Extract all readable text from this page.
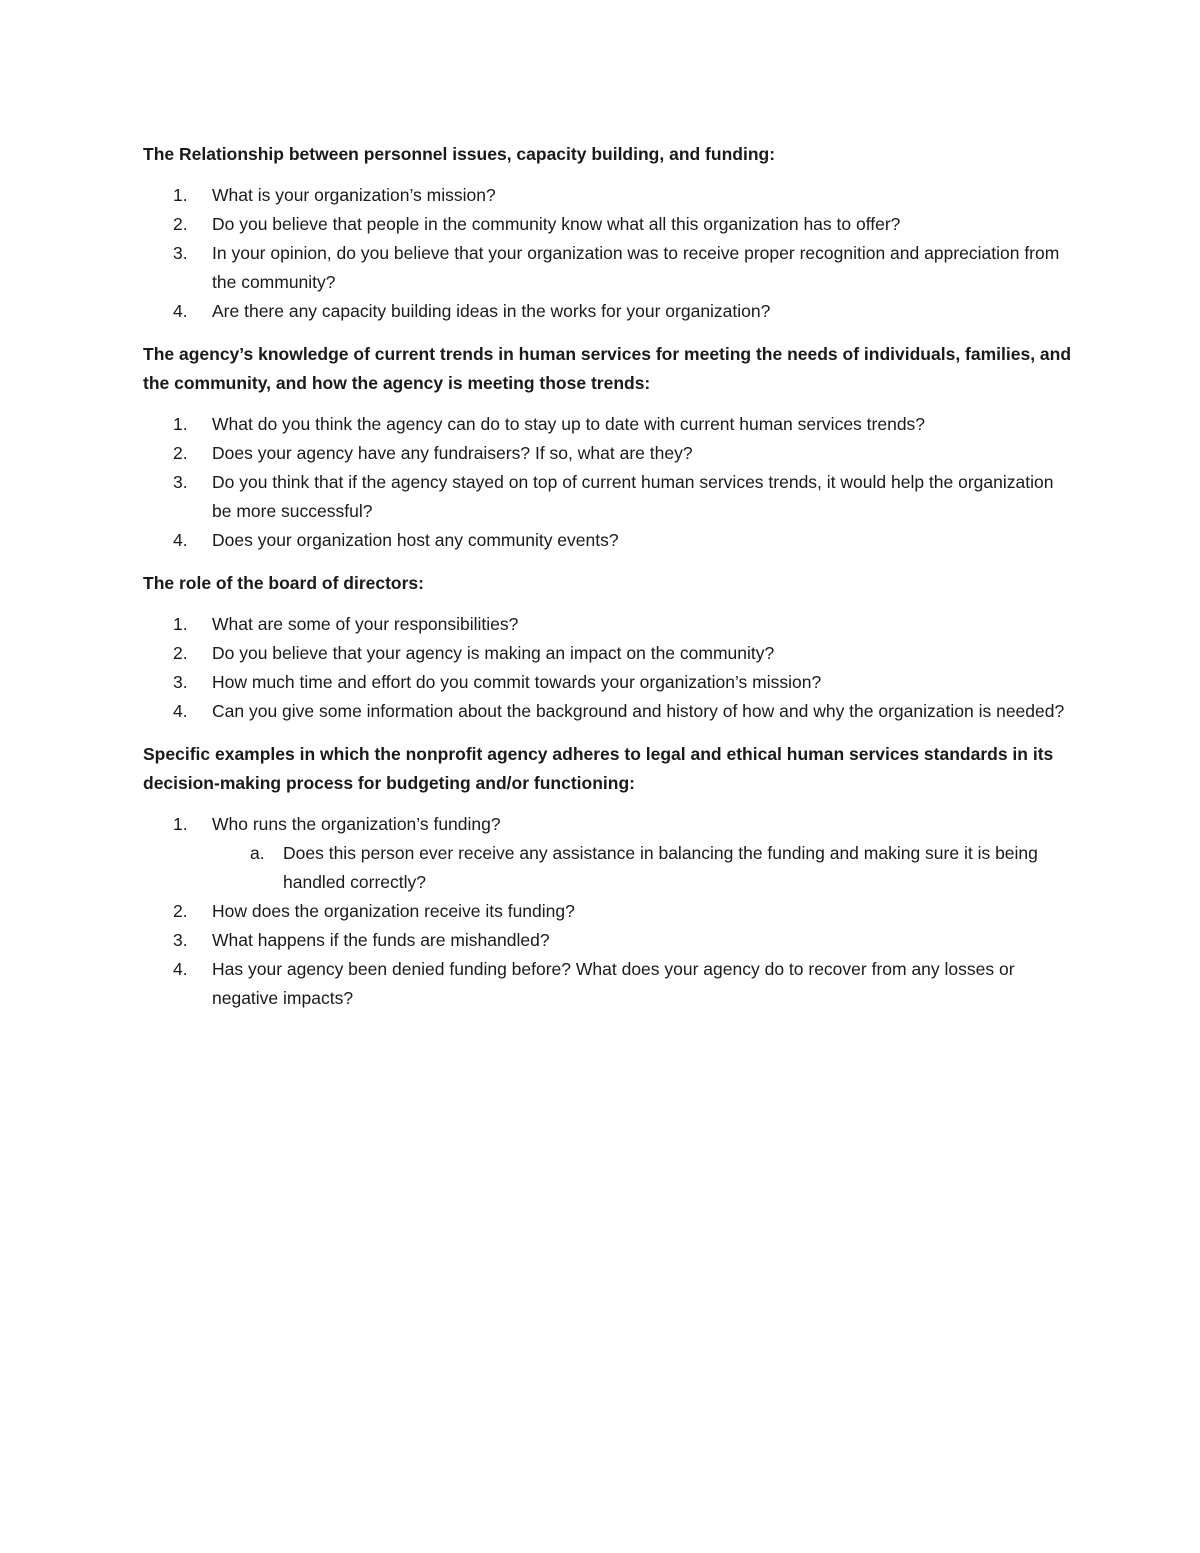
The Relationship between personnel issues, capacity building, and funding:
1. What is your organization’s mission?
2. Do you believe that people in the community know what all this organization has to offer?
3. In your opinion, do you believe that your organization was to receive proper recognition and appreciation from the community?
4. Are there any capacity building ideas in the works for your organization?
The agency’s knowledge of current trends in human services for meeting the needs of individuals, families, and the community, and how the agency is meeting those trends:
1. What do you think the agency can do to stay up to date with current human services trends?
2. Does your agency have any fundraisers? If so, what are they?
3. Do you think that if the agency stayed on top of current human services trends, it would help the organization be more successful?
4. Does your organization host any community events?
The role of the board of directors:
1. What are some of your responsibilities?
2. Do you believe that your agency is making an impact on the community?
3. How much time and effort do you commit towards your organization’s mission?
4. Can you give some information about the background and history of how and why the organization is needed?
Specific examples in which the nonprofit agency adheres to legal and ethical human services standards in its decision-making process for budgeting and/or functioning:
1. Who runs the organization’s funding?
a. Does this person ever receive any assistance in balancing the funding and making sure it is being handled correctly?
2. How does the organization receive its funding?
3. What happens if the funds are mishandled?
4. Has your agency been denied funding before? What does your agency do to recover from any losses or negative impacts?
